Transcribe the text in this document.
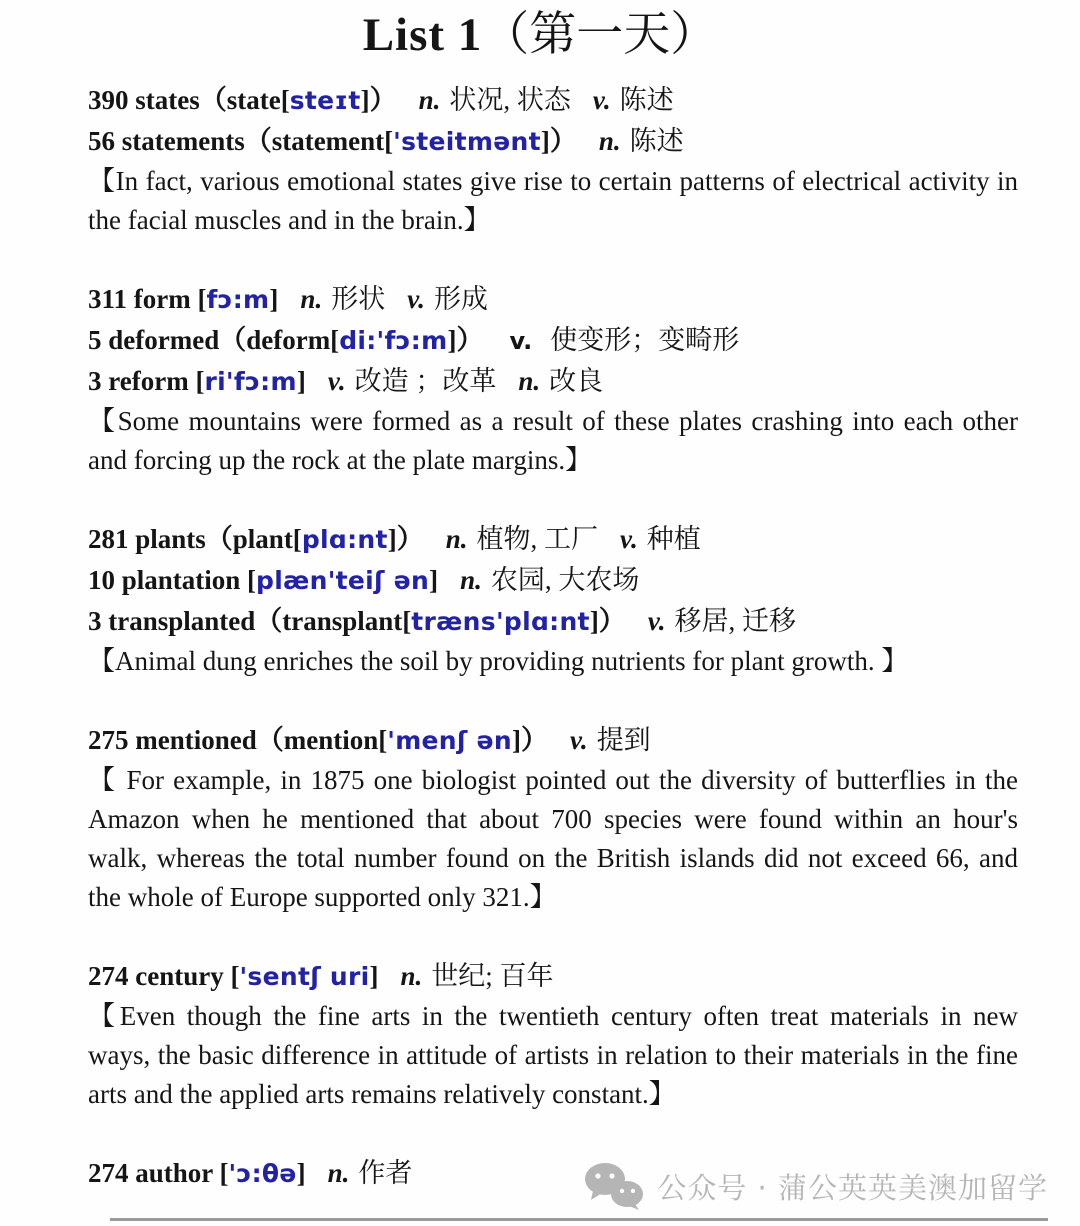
List 1（第一天）
390 states（state[steɪt]） n. 状况, 状态 v. 陈述
56 statements（statement['steitmənt]） n. 陈述
【In fact, various emotional states give rise to certain patterns of electrical activity in the facial muscles and in the brain.】
311 form [fɔ:m] n. 形状 v. 形成
5 deformed（deform[di:'fɔ:m]） v. 使变形；变畸形
3 reform [ri'fɔ:m] v. 改造 ；改革 n. 改良
【Some mountains were formed as a result of these plates crashing into each other and forcing up the rock at the plate margins.】
281 plants（plant[plɑ:nt]） n. 植物, 工厂 v. 种植
10 plantation [plæn'teiʃ ən] n. 农园, 大农场
3 transplanted（transplant[træns'plɑ:nt]） v. 移居, 迁移
【Animal dung enriches the soil by providing nutrients for plant growth. 】
275 mentioned（mention['menʃ ən]） v. 提到
【 For example, in 1875 one biologist pointed out the diversity of butterflies in the Amazon when he mentioned that about 700 species were found within an hour's walk, whereas the total number found on the British islands did not exceed 66, and the whole of Europe supported only 321.】
274 century ['sentʃ uri] n. 世纪; 百年
【Even though the fine arts in the twentieth century often treat materials in new ways, the basic difference in attitude of artists in relation to their materials in the fine arts and the applied arts remains relatively constant.】
274 author ['ɔ:θə] n. 作者	公众号 · 蒲公英英美澳加留学
